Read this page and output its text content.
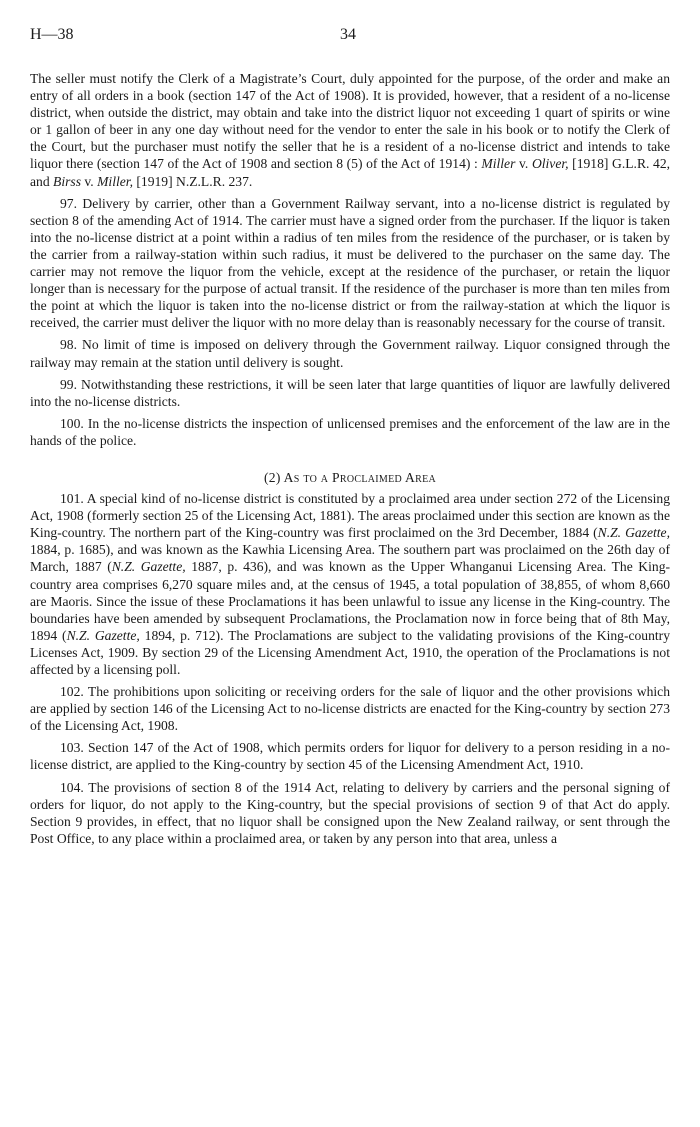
H—38	34

The seller must notify the Clerk of a Magistrate’s Court, duly appointed for the purpose, of the order and make an entry of all orders in a book (section 147 of the Act of 1908). It is provided, however, that a resident of a no-license district, when outside the district, may obtain and take into the district liquor not exceeding 1 quart of spirits or wine or 1 gallon of beer in any one day without need for the vendor to enter the sale in his book or to notify the Clerk of the Court, but the purchaser must notify the seller that he is a resident of a no-license district and intends to take liquor there (section 147 of the Act of 1908 and section 8 (5) of the Act of 1914) : Miller v. Oliver, [1918] G.L.R. 42, and Birss v. Miller, [1919] N.Z.L.R. 237.

97. Delivery by carrier, other than a Government Railway servant, into a no-license district is regulated by section 8 of the amending Act of 1914. The carrier must have a signed order from the purchaser. If the liquor is taken into the no-license district at a point within a radius of ten miles from the residence of the purchaser, or is taken by the carrier from a railway-station within such radius, it must be delivered to the purchaser on the same day. The carrier may not remove the liquor from the vehicle, except at the residence of the purchaser, or retain the liquor longer than is necessary for the purpose of actual transit. If the residence of the purchaser is more than ten miles from the point at which the liquor is taken into the no-license district or from the railway-station at which the liquor is received, the carrier must deliver the liquor with no more delay than is reasonably necessary for the course of transit.

98. No limit of time is imposed on delivery through the Government railway. Liquor consigned through the railway may remain at the station until delivery is sought.

99. Notwithstanding these restrictions, it will be seen later that large quantities of liquor are lawfully delivered into the no-license districts.

100. In the no-license districts the inspection of unlicensed premises and the enforcement of the law are in the hands of the police.

(2) As to a Proclaimed Area

101. A special kind of no-license district is constituted by a proclaimed area under section 272 of the Licensing Act, 1908 (formerly section 25 of the Licensing Act, 1881). The areas proclaimed under this section are known as the King-country. The northern part of the King-country was first proclaimed on the 3rd December, 1884 (N.Z. Gazette, 1884, p. 1685), and was known as the Kawhia Licensing Area. The southern part was proclaimed on the 26th day of March, 1887 (N.Z. Gazette, 1887, p. 436), and was known as the Upper Whanganui Licensing Area. The King-country area comprises 6,270 square miles and, at the census of 1945, a total population of 38,855, of whom 8,660 are Maoris. Since the issue of these Proclamations it has been unlawful to issue any license in the King-country. The boundaries have been amended by subsequent Proclamations, the Proclamation now in force being that of 8th May, 1894 (N.Z. Gazette, 1894, p. 712). The Proclamations are subject to the validating provisions of the King-country Licenses Act, 1909. By section 29 of the Licensing Amendment Act, 1910, the operation of the Proclamations is not affected by a licensing poll.

102. The prohibitions upon soliciting or receiving orders for the sale of liquor and the other provisions which are applied by section 146 of the Licensing Act to no-license districts are enacted for the King-country by section 273 of the Licensing Act, 1908.

103. Section 147 of the Act of 1908, which permits orders for liquor for delivery to a person residing in a no-license district, are applied to the King-country by section 45 of the Licensing Amendment Act, 1910.

104. The provisions of section 8 of the 1914 Act, relating to delivery by carriers and the personal signing of orders for liquor, do not apply to the King-country, but the special provisions of section 9 of that Act do apply. Section 9 provides, in effect, that no liquor shall be consigned upon the New Zealand railway, or sent through the Post Office, to any place within a proclaimed area, or taken by any person into that area, unless a
